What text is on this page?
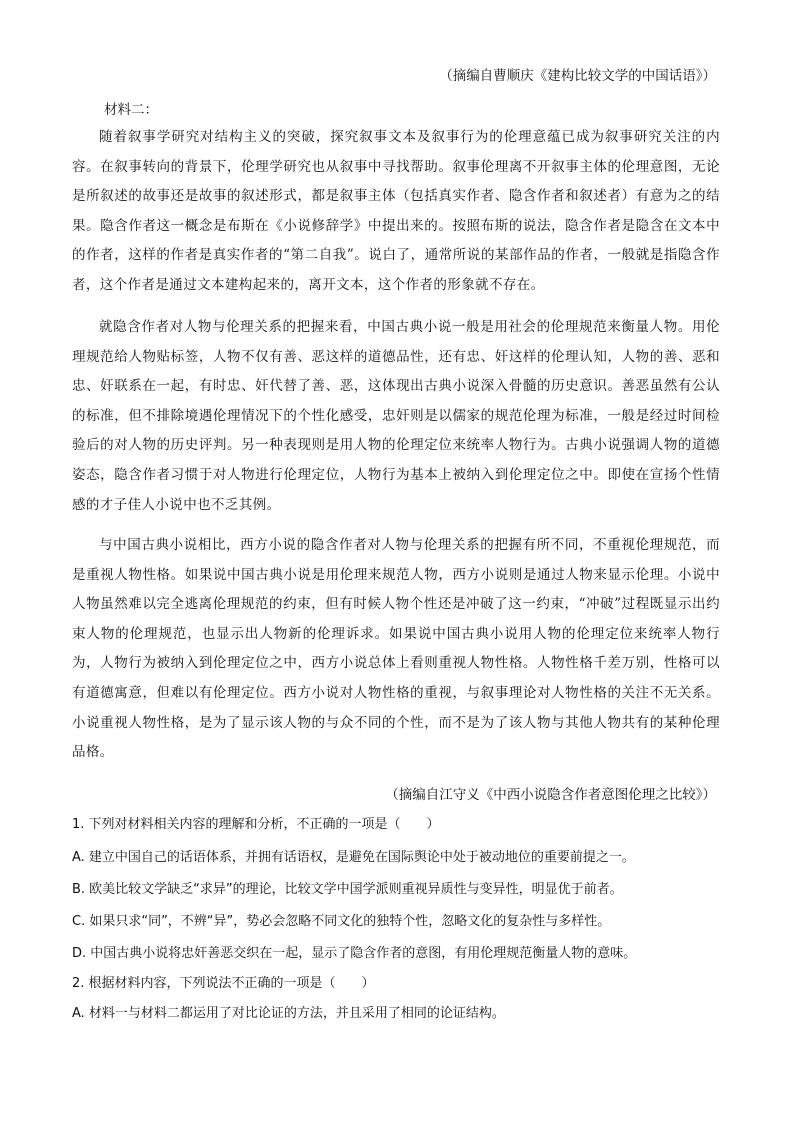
（摘编自曹顺庆《建构比较文学的中国话语》）
材料二：

随着叙事学研究对结构主义的突破，探究叙事文本及叙事行为的伦理意蕴已成为叙事研究关注的内容。在叙事转向的背景下，伦理学研究也从叙事中寻找帮助。叙事伦理离不开叙事主体的伦理意图，无论是所叙述的故事还是故事的叙述形式，都是叙事主体（包括真实作者、隐含作者和叙述者）有意为之的结果。隐含作者这一概念是布斯在《小说修辞学》中提出来的。按照布斯的说法，隐含作者是隐含在文本中的作者，这样的作者是真实作者的“第二自我”。说白了，通常所说的某部作品的作者，一般就是指隐含作者，这个作者是通过文本建构起来的，离开文本，这个作者的形象就不存在。

就隐含作者对人物与伦理关系的把握来看，中国古典小说一般是用社会的伦理规范来衡量人物。用伦理规范给人物贴标签，人物不仅有善、恶这样的道德品性，还有忠、奸这样的伦理认知，人物的善、恶和忠、奸联系在一起，有时忠、奸代替了善、恶，这体现出古典小说深入骨髓的历史意识。善恶虽然有公认的标准，但不排除境遇伦理情况下的个性化感受，忠奸则是以儒家的规范伦理为标准，一般是经过时间检验后的对人物的历史评判。另一种表现则是用人物的伦理定位来统率人物行为。古典小说强调人物的道德姿态，隐含作者习惯于对人物进行伦理定位，人物行为基本上被纳入到伦理定位之中。即使在宣扬个性情感的才子佳人小说中也不乏其例。

与中国古典小说相比，西方小说的隐含作者对人物与伦理关系的把握有所不同，不重视伦理规范，而是重视人物性格。如果说中国古典小说是用伦理来规范人物，西方小说则是通过人物来显示伦理。小说中人物虽然难以完全逃离伦理规范的约束，但有时候人物个性还是冲破了这一约束，“冲破”过程既显示出约束人物的伦理规范，也显示出人物新的伦理诉求。如果说中国古典小说用人物的伦理定位来统率人物行为，人物行为被纳入到伦理定位之中，西方小说总体上看则重视人物性格。人物性格千差万别，性格可以有道德寓意，但难以有伦理定位。西方小说对人物性格的重视，与叙事理论对人物性格的关注不无关系。小说重视人物性格，是为了显示该人物的与众不同的个性，而不是为了该人物与其他人物共有的某种伦理品格。

（摘编自江守义《中西小说隐含作者意图伦理之比较》）
1. 下列对材料相关内容的理解和分析，不正确的一项是（　　）
A. 建立中国自己的话语体系，并拥有话语权，是避免在国际舆论中处于被动地位的重要前提之一。
B. 欧美比较文学缺乏“求异”的理论，比较文学中国学派则重视异质性与变异性，明显优于前者。
C. 如果只求“同”，不辨“异”，势必会忽略不同文化的独特个性，忽略文化的复杂性与多样性。
D. 中国古典小说将忠奸善恶交织在一起，显示了隐含作者的意图，有用伦理规范衡量人物的意味。
2. 根据材料内容，下列说法不正确的一项是（　　）
A. 材料一与材料二都运用了对比论证的方法，并且采用了相同的论证结构。
